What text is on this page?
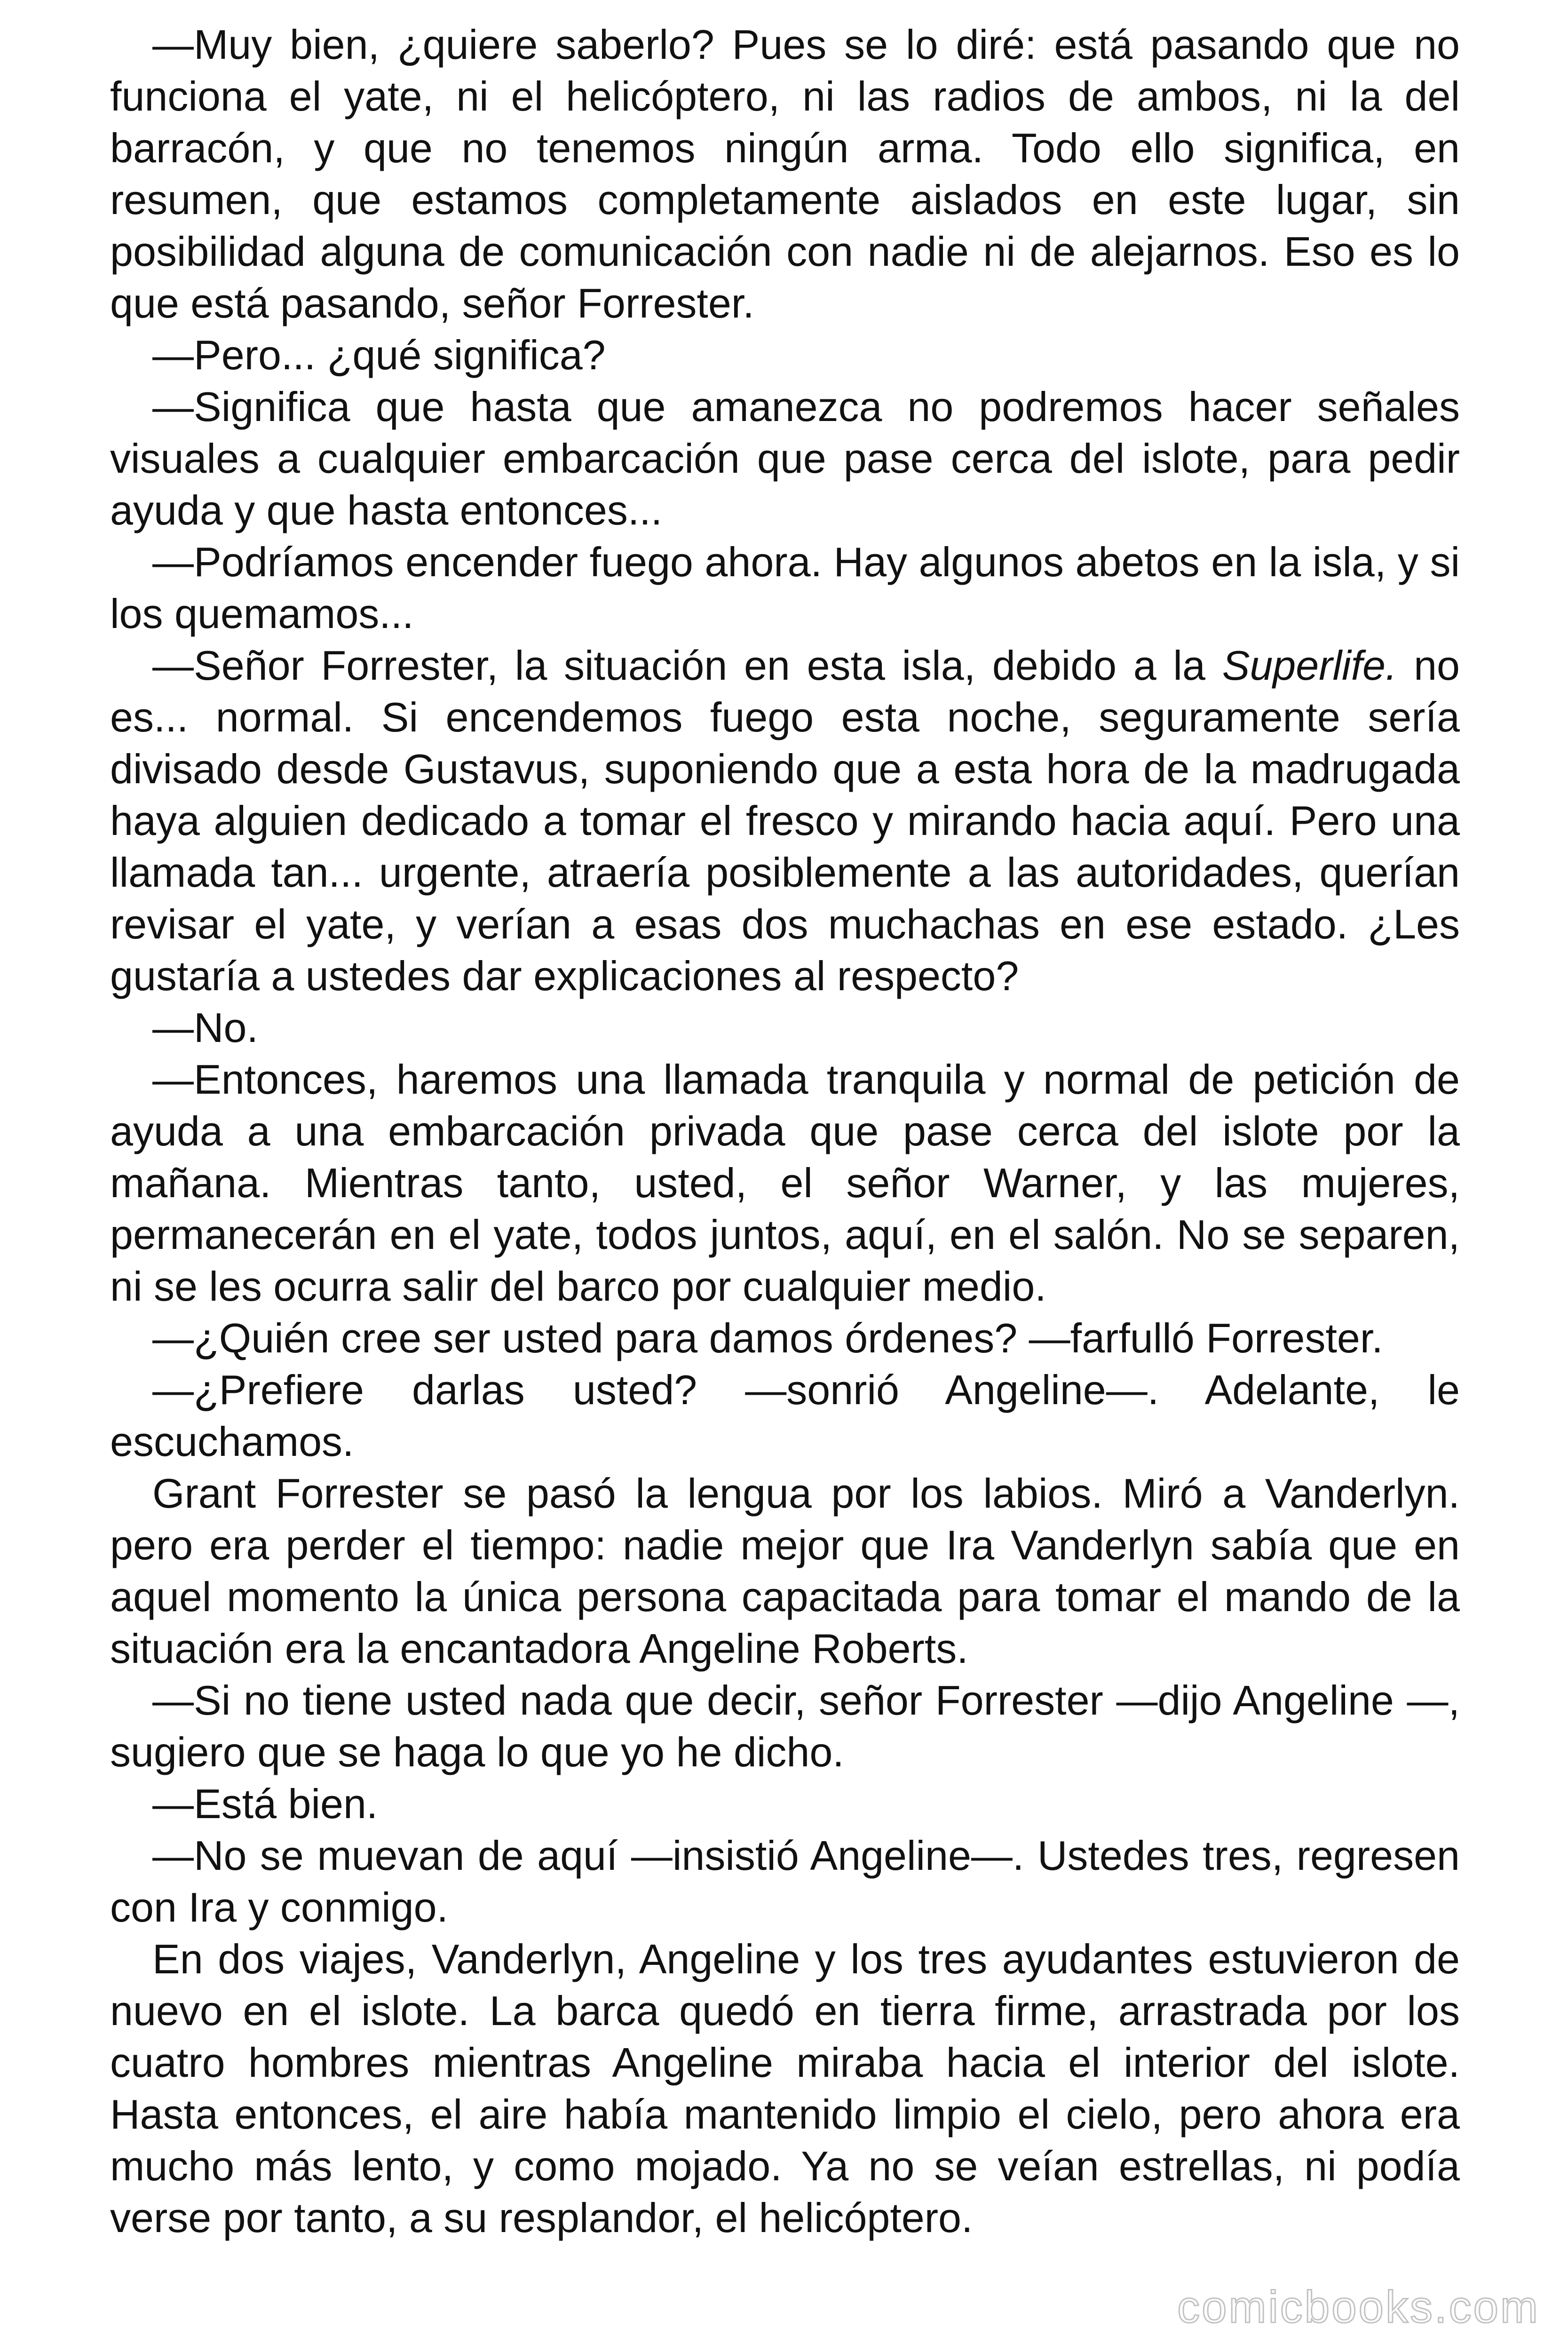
—Muy bien, ¿quiere saberlo? Pues se lo diré: está pasando que no funciona el yate, ni el helicóptero, ni las radios de ambos, ni la del barracón, y que no tenemos ningún arma. Todo ello significa, en resumen, que estamos completamente aislados en este lugar, sin posibilidad alguna de comunicación con nadie ni de alejarnos. Eso es lo que está pasando, señor Forrester.

—Pero... ¿qué significa?

—Significa que hasta que amanezca no podremos hacer señales visuales a cualquier embarcación que pase cerca del islote, para pedir ayuda y que hasta entonces...

—Podríamos encender fuego ahora. Hay algunos abetos en la isla, y si los quemamos...

—Señor Forrester, la situación en esta isla, debido a la Superlife. no es... normal. Si encendemos fuego esta noche, seguramente sería divisado desde Gustavus, suponiendo que a esta hora de la madrugada haya alguien dedicado a tomar el fresco y mirando hacia aquí. Pero una llamada tan... urgente, atraería posiblemente a las autoridades, querían revisar el yate, y verían a esas dos muchachas en ese estado. ¿Les gustaría a ustedes dar explicaciones al respecto?

—No.

—Entonces, haremos una llamada tranquila y normal de petición de ayuda a una embarcación privada que pase cerca del islote por la mañana. Mientras tanto, usted, el señor Warner, y las mujeres, permanecerán en el yate, todos juntos, aquí, en el salón. No se separen, ni se les ocurra salir del barco por cualquier medio.

—¿Quién cree ser usted para damos órdenes? —farfulló Forrester.

—¿Prefiere darlas usted? —sonrió Angeline—. Adelante, le escuchamos.

Grant Forrester se pasó la lengua por los labios. Miró a Vanderlyn. pero era perder el tiempo: nadie mejor que Ira Vanderlyn sabía que en aquel momento la única persona capacitada para tomar el mando de la situación era la encantadora Angeline Roberts.

—Si no tiene usted nada que decir, señor Forrester —dijo Angeline —, sugiero que se haga lo que yo he dicho.

—Está bien.

—No se muevan de aquí —insistió Angeline—. Ustedes tres, regresen con Ira y conmigo.

En dos viajes, Vanderlyn, Angeline y los tres ayudantes estuvieron de nuevo en el islote. La barca quedó en tierra firme, arrastrada por los cuatro hombres mientras Angeline miraba hacia el interior del islote. Hasta entonces, el aire había mantenido limpio el cielo, pero ahora era mucho más lento, y como mojado. Ya no se veían estrellas, ni podía verse por tanto, a su resplandor, el helicóptero.

comicbooks.com
